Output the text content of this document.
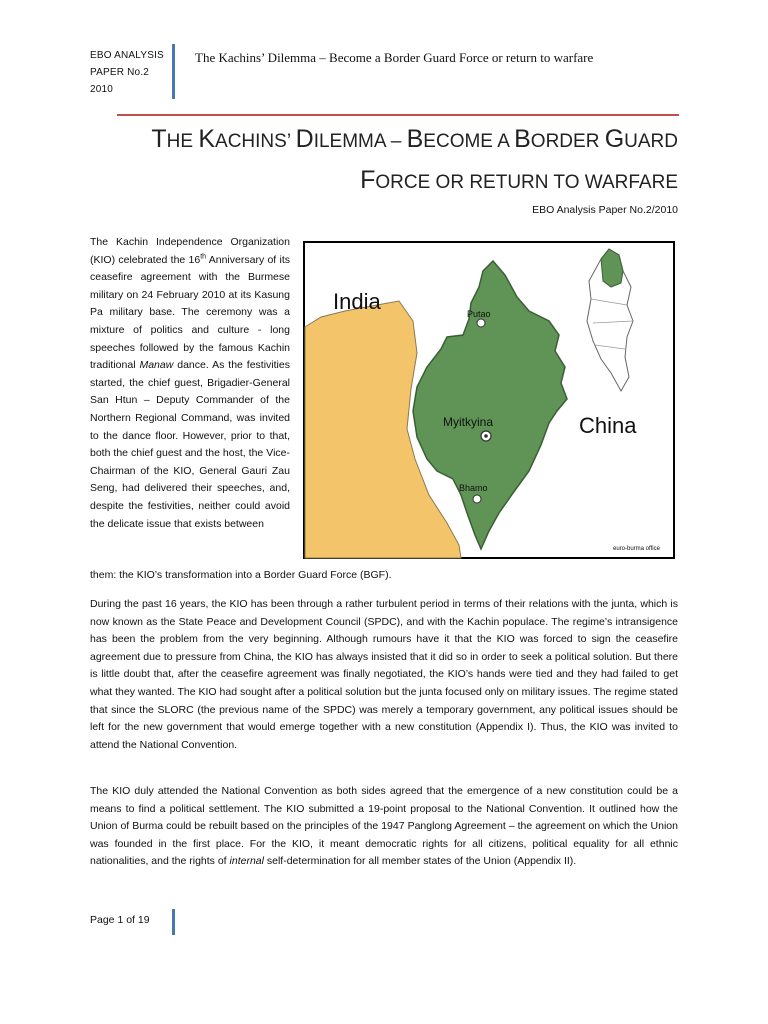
EBO ANALYSIS
PAPER No.2
2010
The Kachins’ Dilemma – Become a Border Guard Force or return to warfare
THE KACHINS’ DILEMMA – BECOME A BORDER GUARD
FORCE OR RETURN TO WARFARE
EBO Analysis Paper No.2/2010
The Kachin Independence Organization (KIO) celebrated the 16th Anniversary of its ceasefire agreement with the Burmese military on 24 February 2010 at its Kasung Pa military base. The ceremony was a mixture of politics and culture - long speeches followed by the famous Kachin traditional Manaw dance. As the festivities started, the chief guest, Brigadier-General San Htun – Deputy Commander of the Northern Regional Command, was invited to the dance floor. However, prior to that, both the chief guest and the host, the Vice-Chairman of the KIO, General Gauri Zau Seng, had delivered their speeches, and, despite the festivities, neither could avoid the delicate issue that exists between
them: the KIO’s transformation into a Border Guard Force (BGF).
India
China
Putao
Myitkyina
Bhamo
euro-burma office
During the past 16 years, the KIO has been through a rather turbulent period in terms of their relations with the junta, which is now known as the State Peace and Development Council (SPDC), and with the Kachin populace. The regime’s intransigence has been the problem from the very beginning. Although rumours have it that the KIO was forced to sign the ceasefire agreement due to pressure from China, the KIO has always insisted that it did so in order to seek a political solution. But there is little doubt that, after the ceasefire agreement was finally negotiated, the KIO’s hands were tied and they had failed to get what they wanted. The KIO had sought after a political solution but the junta focused only on military issues. The regime stated that since the SLORC (the previous name of the SPDC) was merely a temporary government, any political issues should be left for the new government that would emerge together with a new constitution (Appendix I). Thus, the KIO was invited to attend the National Convention.
The KIO duly attended the National Convention as both sides agreed that the emergence of a new constitution could be a means to find a political settlement. The KIO submitted a 19-point proposal to the National Convention. It outlined how the Union of Burma could be rebuilt based on the principles of the 1947 Panglong Agreement – the agreement on which the Union was founded in the first place. For the KIO, it meant democratic rights for all citizens, political equality for all ethnic nationalities, and the rights of internal self-determination for all member states of the Union (Appendix II).
Page 1 of 19
